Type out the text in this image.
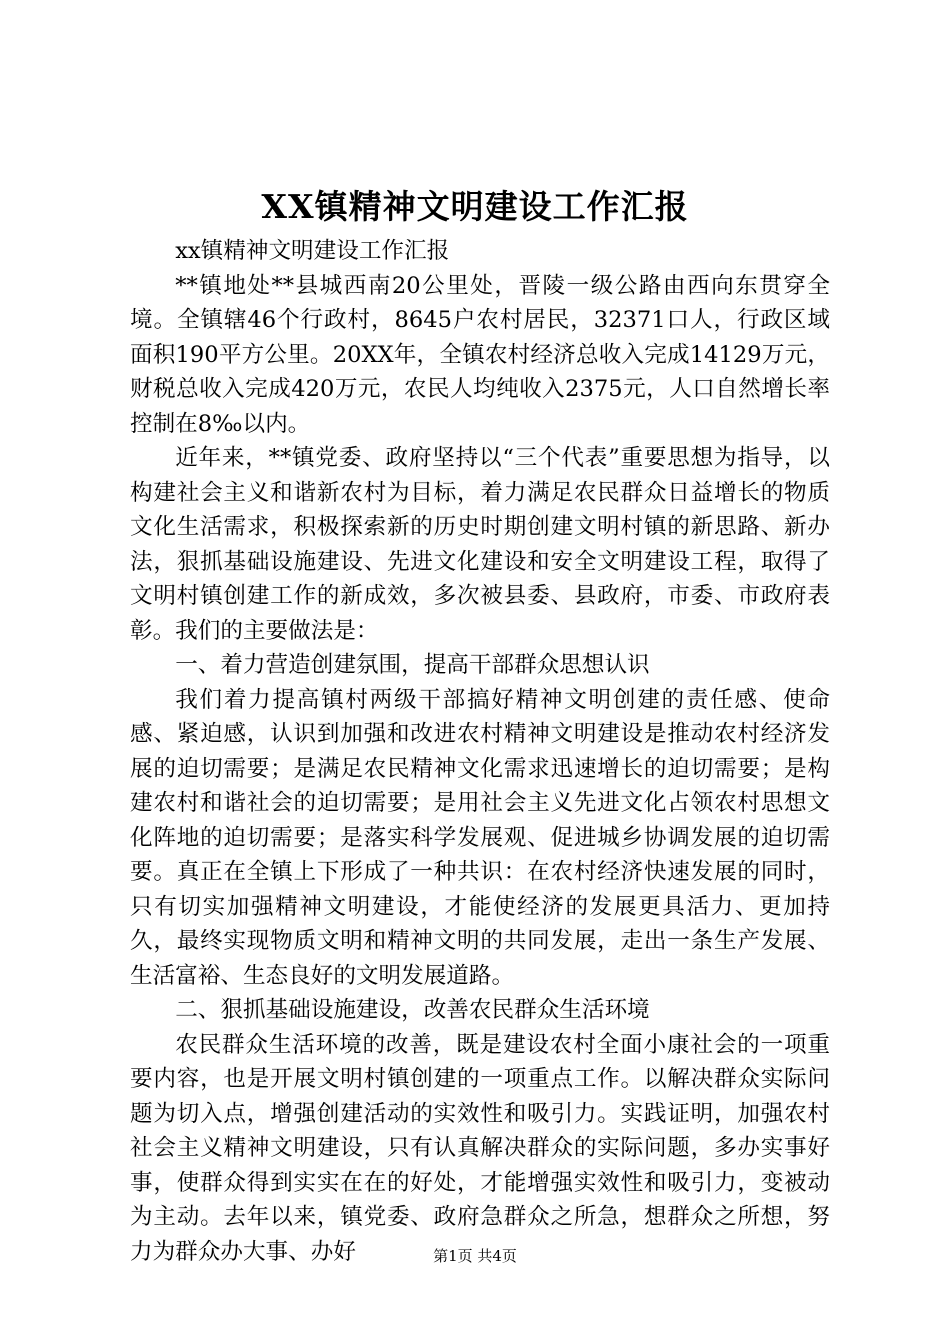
XX镇精神文明建设工作汇报

xx镇精神文明建设工作汇报

**镇地处**县城西南20公里处，晋陵一级公路由西向东贯穿全境。全镇辖46个行政村，8645户农村居民，32371口人，行政区域面积190平方公里。20XX年，全镇农村经济总收入完成14129万元，财税总收入完成420万元，农民人均纯收入2375元，人口自然增长率控制在8‰以内。

近年来，**镇党委、政府坚持以“三个代表”重要思想为指导，以构建社会主义和谐新农村为目标，着力满足农民群众日益增长的物质文化生活需求，积极探索新的历史时期创建文明村镇的新思路、新办法，狠抓基础设施建设、先进文化建设和安全文明建设工程，取得了文明村镇创建工作的新成效，多次被县委、县政府，市委、市政府表彰。我们的主要做法是：

一、着力营造创建氛围，提高干部群众思想认识

我们着力提高镇村两级干部搞好精神文明创建的责任感、使命感、紧迫感，认识到加强和改进农村精神文明建设是推动农村经济发展的迫切需要；是满足农民精神文化需求迅速增长的迫切需要；是构建农村和谐社会的迫切需要；是用社会主义先进文化占领农村思想文化阵地的迫切需要；是落实科学发展观、促进城乡协调发展的迫切需要。真正在全镇上下形成了一种共识：在农村经济快速发展的同时，只有切实加强精神文明建设，才能使经济的发展更具活力、更加持久，最终实现物质文明和精神文明的共同发展，走出一条生产发展、生活富裕、生态良好的文明发展道路。

二、狠抓基础设施建设，改善农民群众生活环境

农民群众生活环境的改善，既是建设农村全面小康社会的一项重要内容，也是开展文明村镇创建的一项重点工作。以解决群众实际问题为切入点，增强创建活动的实效性和吸引力。实践证明，加强农村社会主义精神文明建设，只有认真解决群众的实际问题，多办实事好事，使群众得到实实在在的好处，才能增强实效性和吸引力，变被动为主动。去年以来，镇党委、政府急群众之所急，想群众之所想，努力为群众办大事、办好	第1页 共4页
